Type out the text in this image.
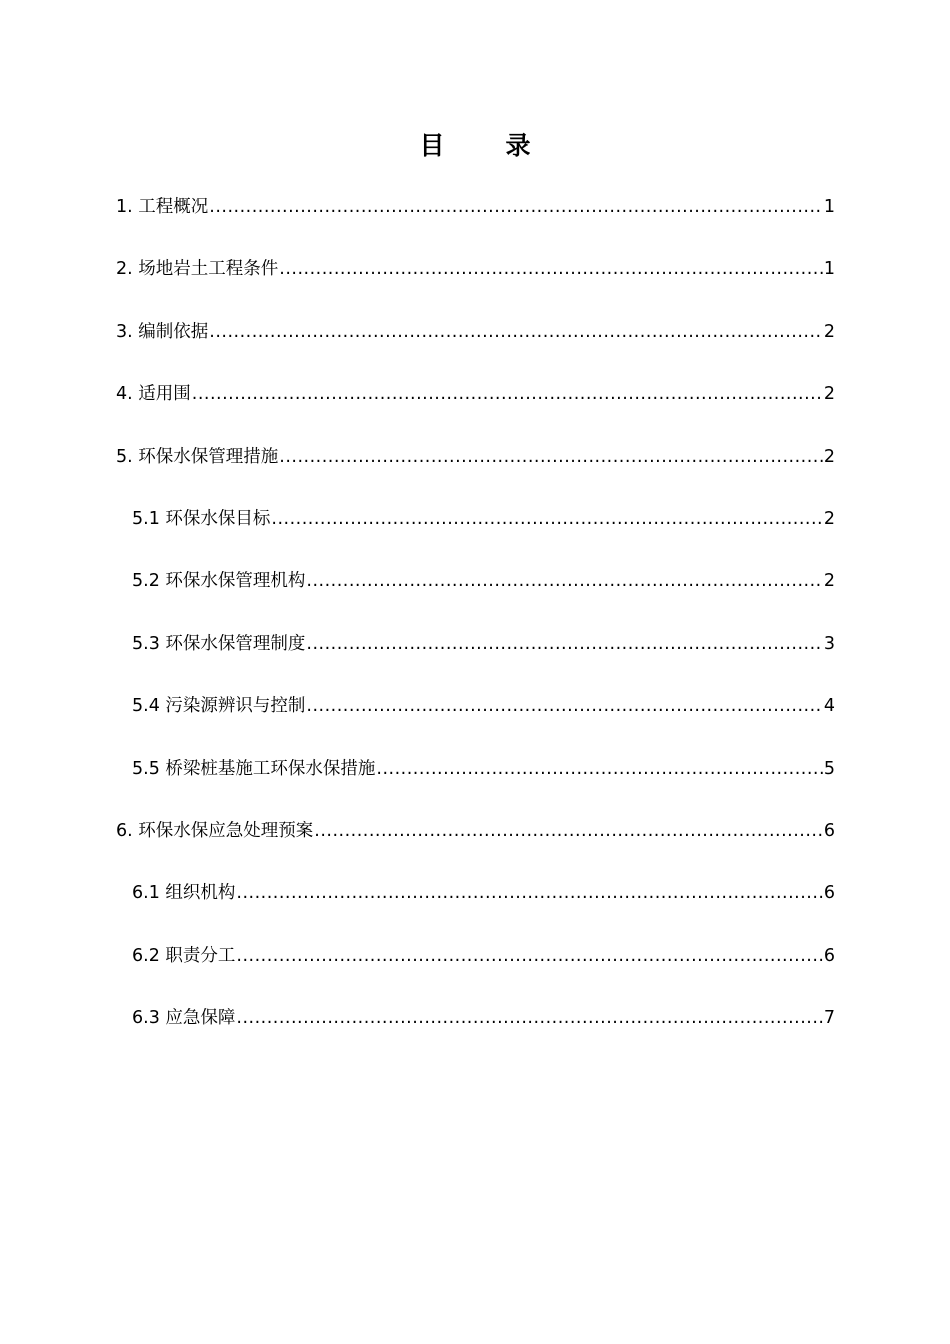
目　录
1. 工程概况 .....	1
2. 场地岩土工程条件 .....	1
3. 编制依据 .....	2
4. 适用围 .....	2
5. 环保水保管理措施 .....	2
5.1 环保水保目标 .....	2
5.2 环保水保管理机构 .....	2
5.3 环保水保管理制度 .....	3
5.4 污染源辨识与控制 .....	4
5.5 桥梁桩基施工环保水保措施 .....	5
6. 环保水保应急处理预案 .....	6
6.1 组织机构 .....	6
6.2 职责分工 .....	6
6.3 应急保障 .....	7
